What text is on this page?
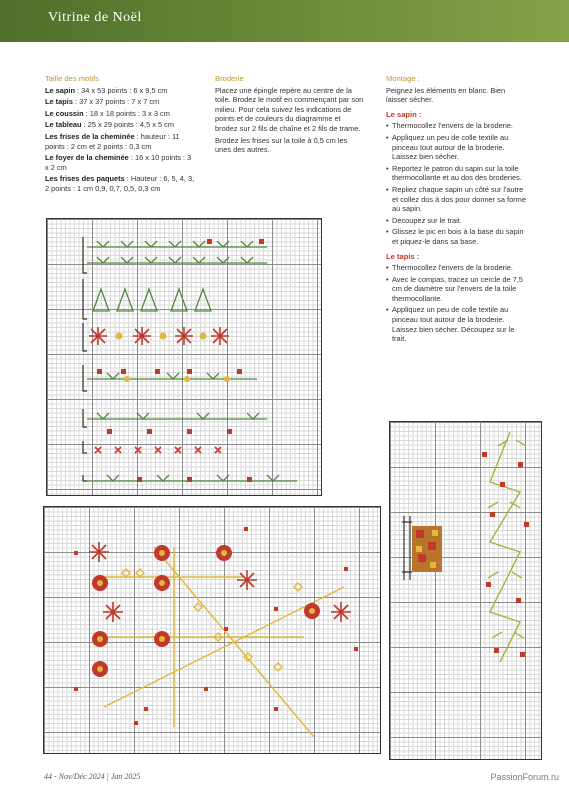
Vitrine de Noël
Taille des motifs

Le sapin : 34 x 53 points : 6 x 9,5 cm

Le tapis : 37 x 37 points : 7 x 7 cm

Le coussin : 18 x 18 points : 3 x 3 cm

Le tableau : 25 x 29 points : 4,5 x 5 cm

Les frises de la cheminée : hauteur : 11 points : 2 cm et 2 points : 0,3 cm

Le foyer de la cheminée : 16 x 10 points : 3 x 2 cm

Les frises des paquets : Hauteur : 6, 5, 4, 3, 2 points : 1 cm 0,9, 0,7, 0,5, 0,3 cm

Broderie

Placez une épingle repère au centre de la toile. Brodez le motif en commençant par son milieu. Pour cela suivez les indications de points et de couleurs du diagramme et brodez sur 2 fils de chaîne et 2 fils de trame.

Brodez les frises sur la toile à 0,5 cm les unes des autres.

Montage :

Peignez les éléments en blanc. Bien laisser sécher.

Le sapin :
• Thermocollez l'envers de la broderie.
• Appliquez un peu de colle textile au pinceau tout autour de la broderie. Laissez bien sécher.
• Reportez le patron du sapin sur la toile thermocollante et au dos des broderies.
• Repliez chaque sapin un côté sur l'autre et collez dos à dos pour donner sa forme au sapin.
• Découpez sur le trait.
• Glissez le pic en bois à la base du sapin et piquez-le dans sa base.
Le tapis :
• Thermocollez l'envers de la broderie.
• Avec le compas, tracez un cercle de 7,5 cm de diamètre sur l'envers de la toile thermocollante.
• Appliquez un peu de colle textile au pinceau tout autour de la broderie. Laissez bien sécher. Découpez sur le trait.
44 - Nov/Déc 2024 | Jan 2025	PassionForum.ru
